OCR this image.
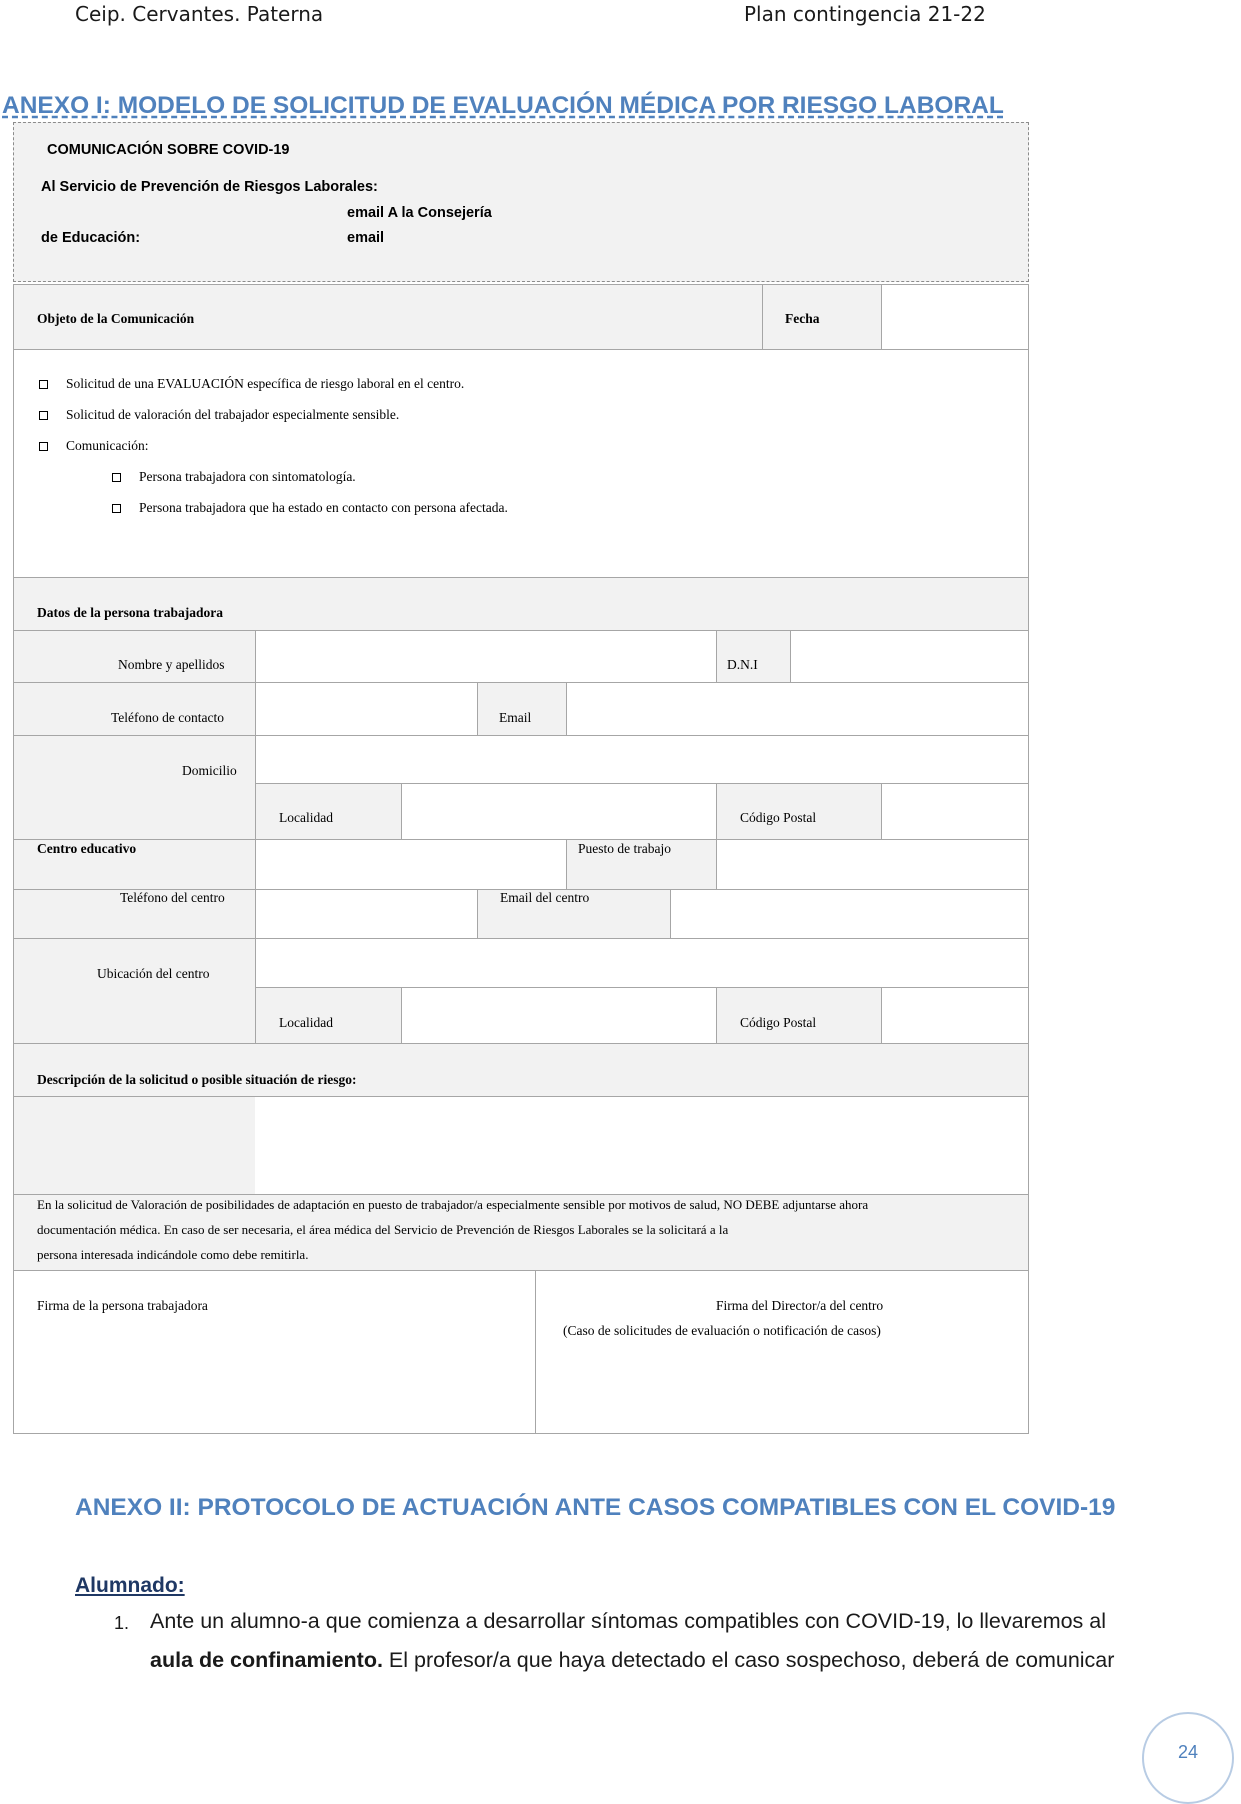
Ceip. Cervantes. Paterna	Plan contingencia 21-22
ANEXO I: MODELO DE SOLICITUD DE EVALUACIÓN MÉDICA POR RIESGO LABORAL
COMUNICACIÓN SOBRE COVID-19
Al Servicio de Prevención de Riesgos Laborales:
email A la Consejería
de Educación:	email
Objeto de la Comunicación	Fecha
Solicitud de una EVALUACIÓN específica de riesgo laboral en el centro.
Solicitud de valoración del trabajador especialmente sensible.
Comunicación:
Persona trabajadora con sintomatología.
Persona trabajadora que ha estado en contacto con persona afectada.
Datos de la persona trabajadora
Nombre y apellidos	D.N.I
Teléfono de contacto	Email
Domicilio
Localidad	Código Postal
Centro educativo	Puesto de trabajo
Teléfono del centro	Email del centro
Ubicación del centro
Localidad	Código Postal
Descripción de la solicitud o posible situación de riesgo:
En la solicitud de Valoración de posibilidades de adaptación en puesto de trabajador/a especialmente sensible por motivos de salud, NO DEBE adjuntarse ahora
documentación médica. En caso de ser necesaria, el área médica del Servicio de Prevención de Riesgos Laborales se la solicitará a la
persona interesada indicándole como debe remitirla.
Firma de la persona trabajadora	Firma del Director/a del centro
(Caso de solicitudes de evaluación o notificación de casos)
ANEXO II: PROTOCOLO DE ACTUACIÓN ANTE CASOS COMPATIBLES CON EL COVID-19
Alumnado:
1. Ante un alumno-a que comienza a desarrollar síntomas compatibles con COVID-19, lo llevaremos al
aula de confinamiento. El profesor/a que haya detectado el caso sospechoso, deberá de comunicar
24
